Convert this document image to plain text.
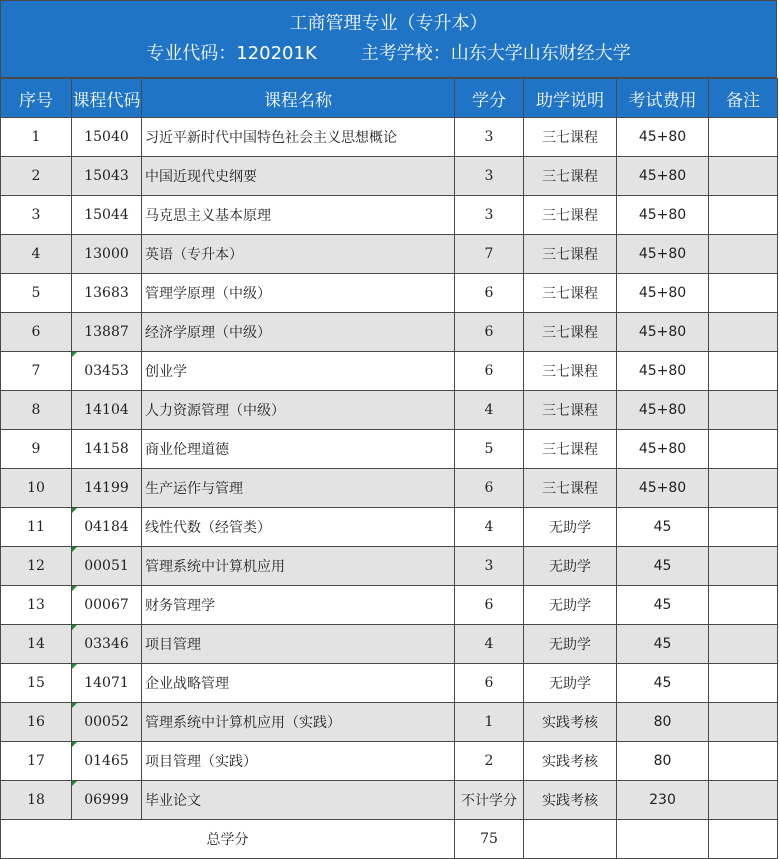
工商管理专业（专升本）
专业代码：120201K 主考学校：山东大学山东财经大学
序号	课程代码	课程名称	学分	助学说明	考试费用	备注
1	15040	习近平新时代中国特色社会主义思想概论	3	三七课程	45+80	
2	15043	中国近现代史纲要	3	三七课程	45+80	
3	15044	马克思主义基本原理	3	三七课程	45+80	
4	13000	英语（专升本）	7	三七课程	45+80	
5	13683	管理学原理（中级）	6	三七课程	45+80	
6	13887	经济学原理（中级）	6	三七课程	45+80	
7	03453	创业学	6	三七课程	45+80	
8	14104	人力资源管理（中级）	4	三七课程	45+80	
9	14158	商业伦理道德	5	三七课程	45+80	
10	14199	生产运作与管理	6	三七课程	45+80	
11	04184	线性代数（经管类）	4	无助学	45	
12	00051	管理系统中计算机应用	3	无助学	45	
13	00067	财务管理学	6	无助学	45	
14	03346	项目管理	4	无助学	45	
15	14071	企业战略管理	6	无助学	45	
16	00052	管理系统中计算机应用（实践）	1	实践考核	80	
17	01465	项目管理（实践）	2	实践考核	80	
18	06999	毕业论文	不计学分	实践考核	230	
总学分			75			
